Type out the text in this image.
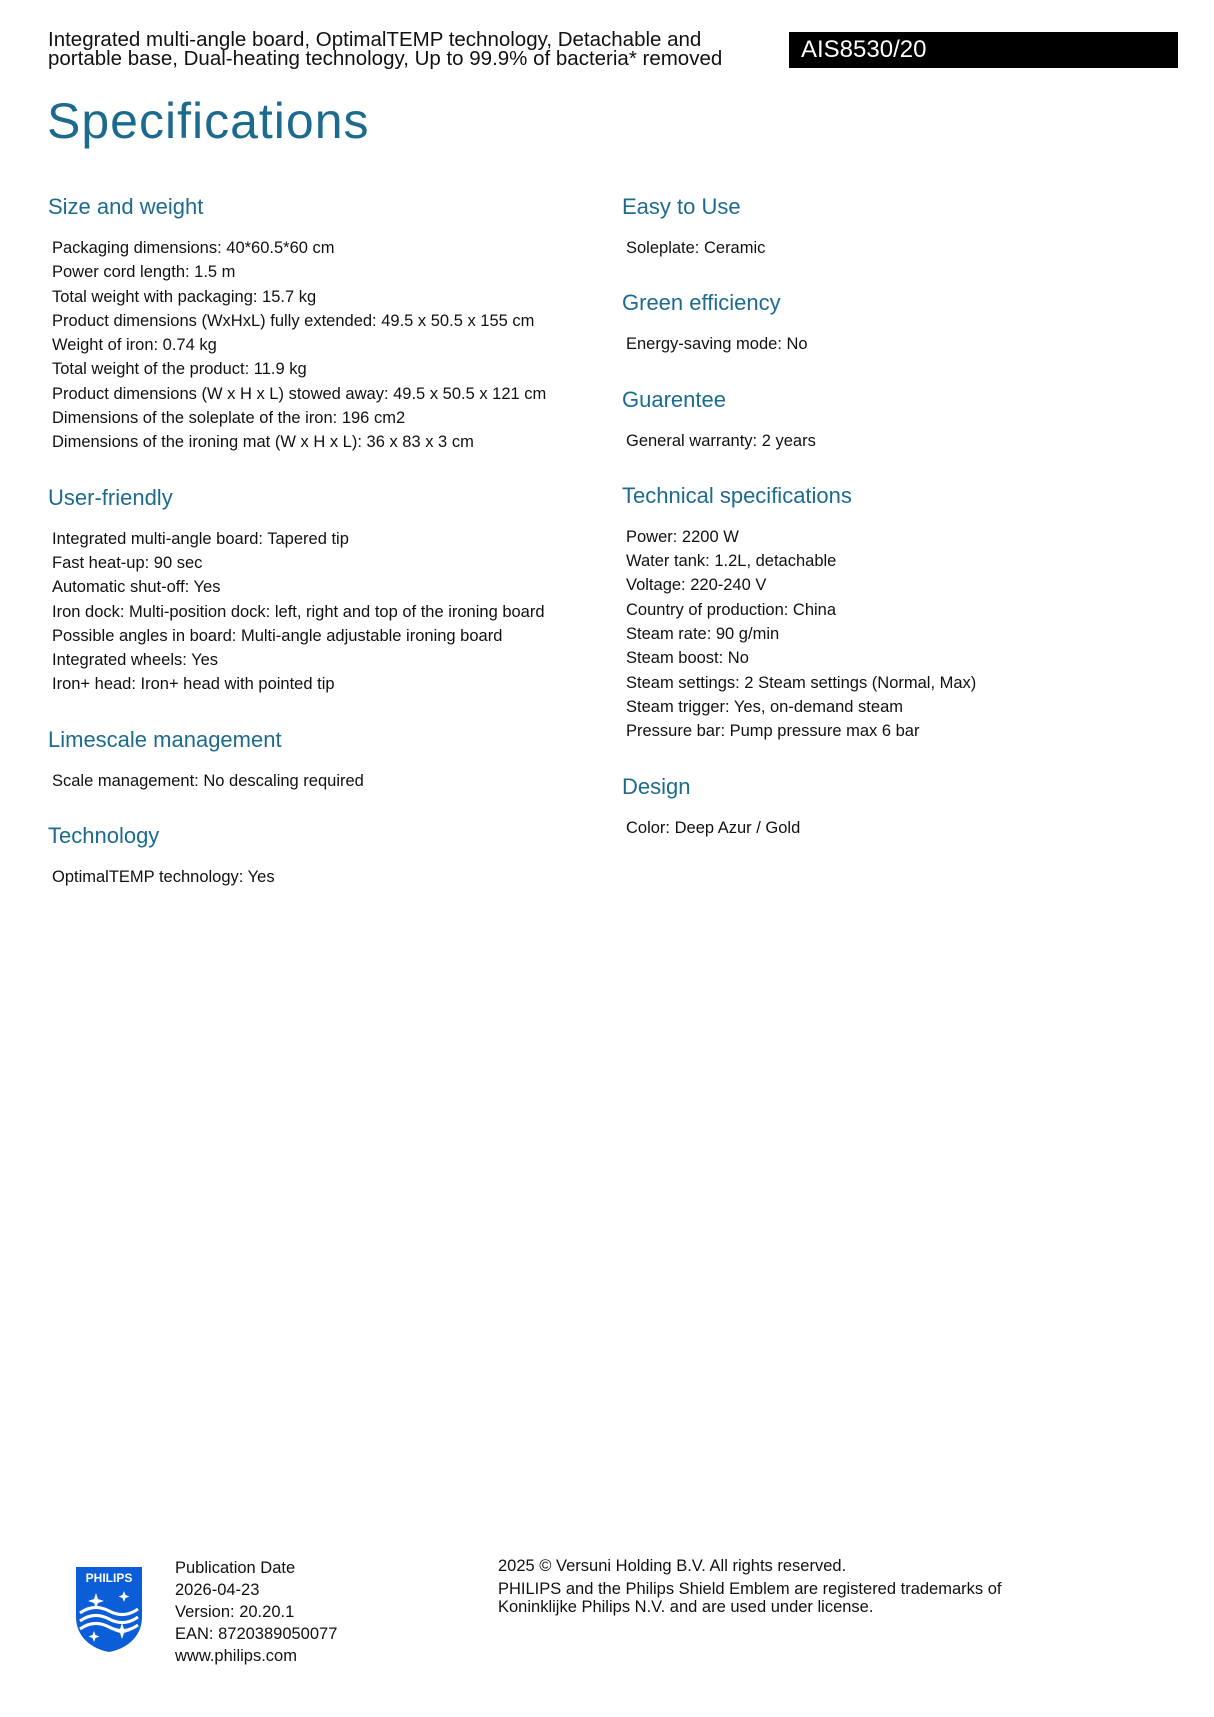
Integrated multi-angle board, OptimalTEMP technology, Detachable and portable base, Dual-heating technology, Up to 99.9% of bacteria* removed	AIS8530/20
Specifications
Size and weight
Packaging dimensions: 40*60.5*60 cm
Power cord length: 1.5 m
Total weight with packaging: 15.7 kg
Product dimensions (WxHxL) fully extended: 49.5 x 50.5 x 155 cm
Weight of iron: 0.74 kg
Total weight of the product: 11.9 kg
Product dimensions (W x H x L) stowed away: 49.5 x 50.5 x 121 cm
Dimensions of the soleplate of the iron: 196 cm2
Dimensions of the ironing mat (W x H x L): 36 x 83 x 3 cm
User-friendly
Integrated multi-angle board: Tapered tip
Fast heat-up: 90 sec
Automatic shut-off: Yes
Iron dock: Multi-position dock: left, right and top of the ironing board
Possible angles in board: Multi-angle adjustable ironing board
Integrated wheels: Yes
Iron+ head: Iron+ head with pointed tip
Limescale management
Scale management: No descaling required
Technology
OptimalTEMP technology: Yes
Easy to Use
Soleplate: Ceramic
Green efficiency
Energy-saving mode: No
Guarentee
General warranty: 2 years
Technical specifications
Power: 2200 W
Water tank: 1.2L, detachable
Voltage: 220-240 V
Country of production: China
Steam rate: 90 g/min
Steam boost: No
Steam settings: 2 Steam settings (Normal, Max)
Steam trigger: Yes, on-demand steam
Pressure bar: Pump pressure max 6 bar
Design
Color: Deep Azur / Gold
PHILIPS
Publication Date
2026-04-23
Version: 20.20.1
EAN: 8720389050077
www.philips.com
2025 © Versuni Holding B.V. All rights reserved.
PHILIPS and the Philips Shield Emblem are registered trademarks of Koninklijke Philips N.V. and are used under license.
